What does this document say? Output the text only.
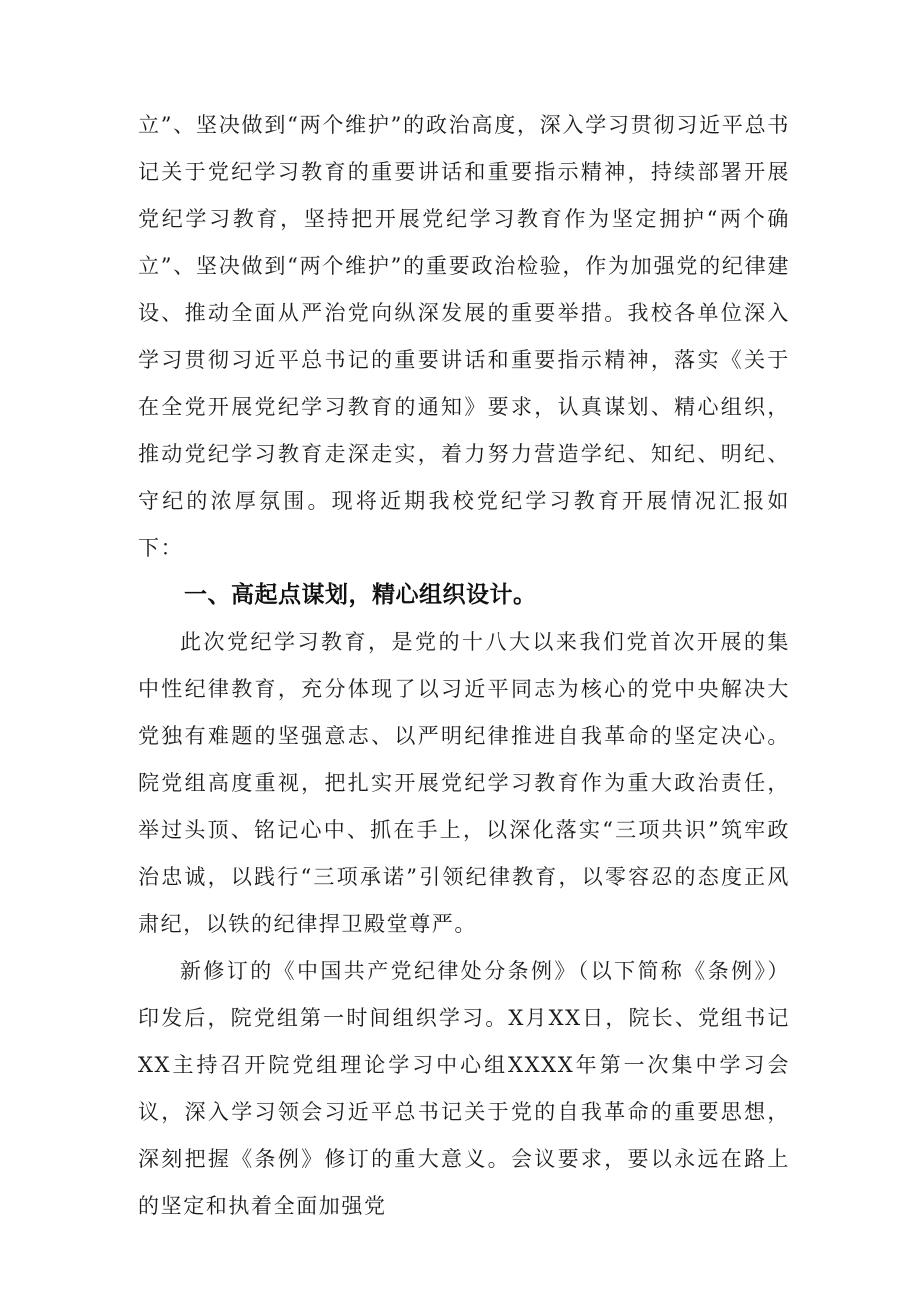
立”、坚决做到“两个维护”的政治高度，深入学习贯彻习近平总书记关于党纪学习教育的重要讲话和重要指示精神，持续部署开展党纪学习教育，坚持把开展党纪学习教育作为坚定拥护“两个确立”、坚决做到“两个维护”的重要政治检验，作为加强党的纪律建设、推动全面从严治党向纵深发展的重要举措。我校各单位深入学习贯彻习近平总书记的重要讲话和重要指示精神，落实《关于在全党开展党纪学习教育的通知》要求，认真谋划、精心组织，推动党纪学习教育走深走实，着力努力营造学纪、知纪、明纪、守纪的浓厚氛围。现将近期我校党纪学习教育开展情况汇报如下：

一、高起点谋划，精心组织设计。

此次党纪学习教育，是党的十八大以来我们党首次开展的集中性纪律教育，充分体现了以习近平同志为核心的党中央解决大党独有难题的坚强意志、以严明纪律推进自我革命的坚定决心。院党组高度重视，把扎实开展党纪学习教育作为重大政治责任，举过头顶、铭记心中、抓在手上，以深化落实“三项共识”筑牢政治忠诚，以践行“三项承诺”引领纪律教育，以零容忍的态度正风肃纪，以铁的纪律捍卫殿堂尊严。

新修订的《中国共产党纪律处分条例》（以下简称《条例》）印发后，院党组第一时间组织学习。X月XX日，院长、党组书记XX主持召开院党组理论学习中心组XXXX年第一次集中学习会议，深入学习领会习近平总书记关于党的自我革命的重要思想，深刻把握《条例》修订的重大意义。会议要求，要以永远在路上的坚定和执着全面加强党
